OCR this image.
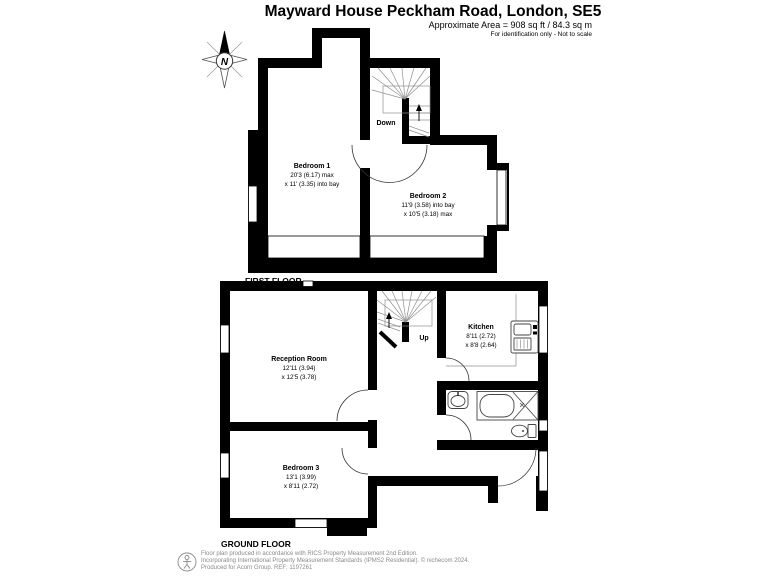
Mayward House Peckham Road, London, SE5
Approximate Area = 908 sq ft / 84.3 sq m
For identification only - Not to scale
N
Down
Bedroom 1
20'3 (6.17) max
x 11' (3.35) into bay
Bedroom 2
11'9 (3.58) into bay
x 10'5 (3.18) max
Up
Reception Room
12'11 (3.94)
x 12'5 (3.78)
Kitchen
8'11 (2.72)
x 8'8 (2.64)
Bedroom 3
13'1 (3.99)
x 8'11 (2.72)
GROUND FLOOR
Floor plan produced in accordance with RICS Property Measurement 2nd Edition.
Incorporating International Property Measurement Standards (IPMS2 Residential). © nichecom 2024.
Produced for Acorn Group. REF: 1197261
